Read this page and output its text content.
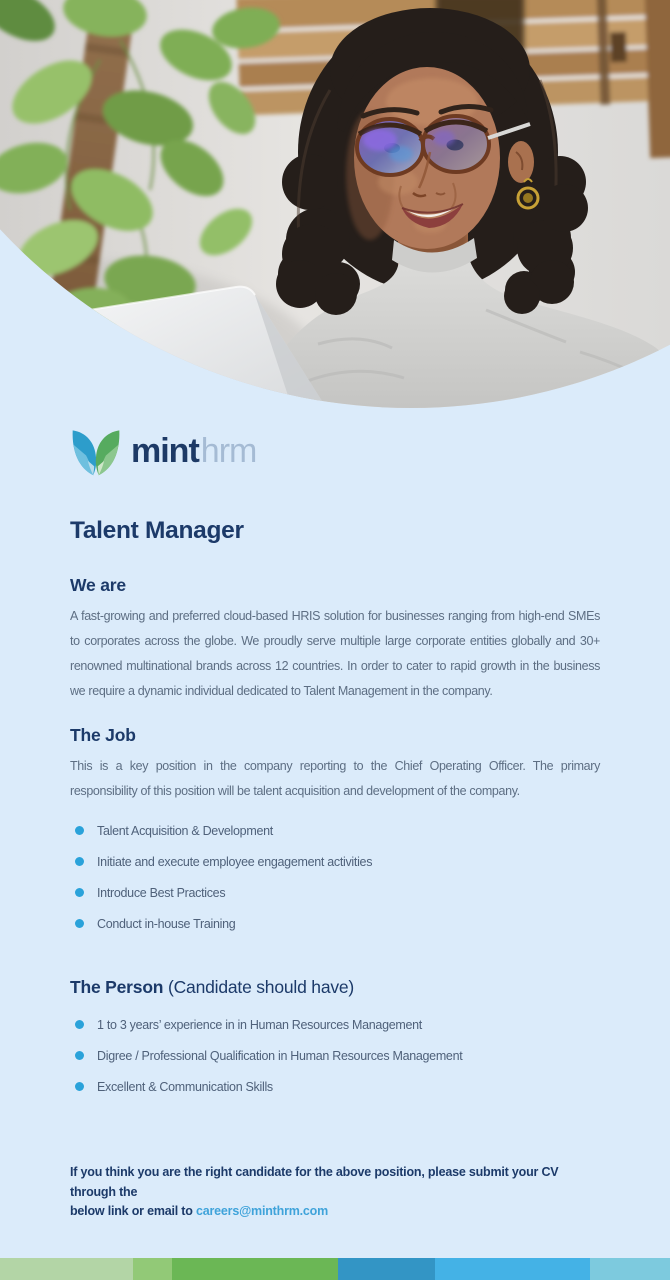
minthrm
Talent Manager
We are

A fast-growing and preferred cloud-based HRIS solution for businesses ranging from high-end SMEs to corporates across the globe. We proudly serve multiple large corporate entities globally and 30+ renowned multinational brands across 12 countries. In order to cater to rapid growth in the business we require a dynamic individual dedicated to Talent Management in the company.

The Job

This is a key position in the company reporting to the Chief Operating Officer. The primary responsibility of this position will be talent acquisition and development of the company.

Talent Acquisition & Development
Initiate and execute employee engagement activities
Introduce Best Practices
Conduct in-house Training
The Person (Candidate should have)
1 to 3 years’ experience in in Human Resources Management
Digree / Professional Qualification in Human Resources Management
Excellent & Communication Skills
If you think you are the right candidate for the above position, please submit your CV through the
below link or email to careers@minthrm.com
